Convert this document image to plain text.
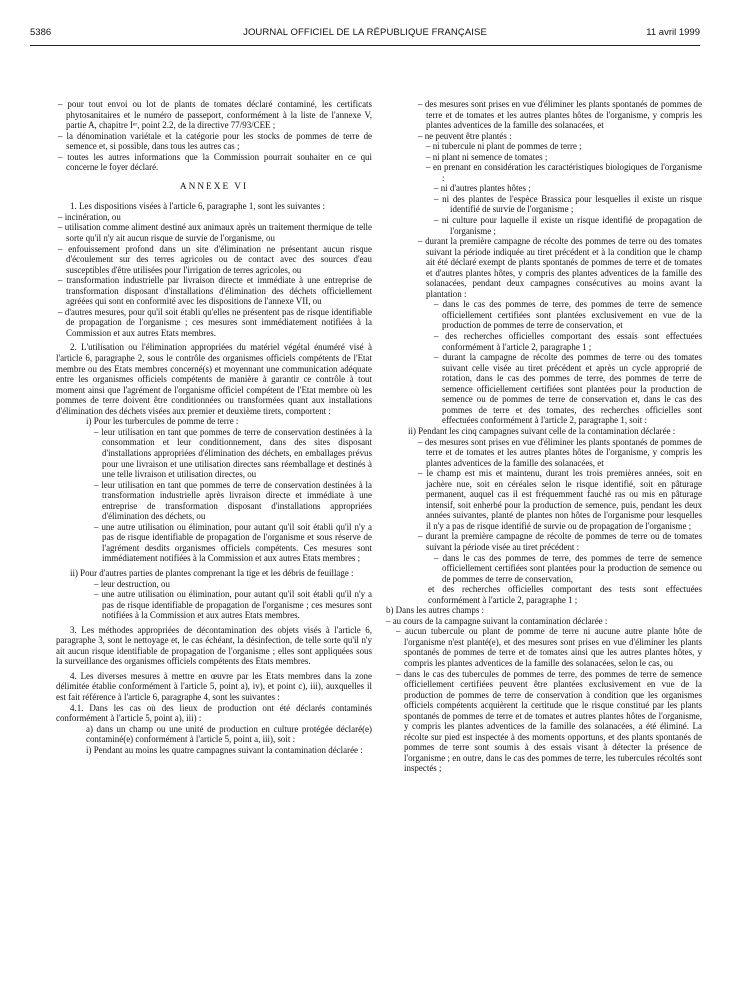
5386	JOURNAL OFFICIEL DE LA RÉPUBLIQUE FRANÇAISE	11 avril 1999

– pour tout envoi ou lot de plants de tomates déclaré contaminé, les certificats phytosanitaires et le numéro de passeport, conformément à la liste de l'annexe V, partie A, chapitre Iᵉʳ, point 2.2, de la directive 77/93/CEE ;

– la dénomination variétale et la catégorie pour les stocks de pommes de terre de semence et, si possible, dans tous les autres cas ;

– toutes les autres informations que la Commission pourrait souhaiter en ce qui concerne le foyer déclaré.

ANNEXE VI

1. Les dispositions visées à l'article 6, paragraphe 1, sont les suivantes :

– incinération, ou

– utilisation comme aliment destiné aux animaux après un traitement thermique de telle sorte qu'il n'y ait aucun risque de survie de l'organisme, ou

– enfouissement profond dans un site d'élimination ne présentant aucun risque d'écoulement sur des terres agricoles ou de contact avec des sources d'eau susceptibles d'être utilisées pour l'irrigation de terres agricoles, ou

– transformation industrielle par livraison directe et immédiate à une entreprise de transformation disposant d'installations d'élimination des déchets officiellement agréées qui sont en conformité avec les dispositions de l'annexe VII, ou

– d'autres mesures, pour qu'il soit établi qu'elles ne présentent pas de risque identifiable de propagation de l'organisme ; ces mesures sont immédiatement notifiées à la Commission et aux autres Etats membres.

2. L'utilisation ou l'élimination appropriées du matériel végétal énuméré visé à l'article 6, paragraphe 2, sous le contrôle des organismes officiels compétents de l'Etat membre ou des Etats membres concerné(s) et moyennant une communication adéquate entre les organismes officiels compétents de manière à garantir ce contrôle à tout moment ainsi que l'agrément de l'organisme officiel compétent de l'Etat membre où les pommes de terre doivent être conditionnées ou transformées quant aux installations d'élimination des déchets visées aux premier et deuxième tirets, comportent :

i) Pour les turbercules de pomme de terre :

– leur utilisation en tant que pommes de terre de conservation destinées à la consommation et leur conditionnement, dans des sites disposant d'installations appropriées d'élimination des déchets, en emballages prévus pour une livraison et une utilisation directes sans réemballage et destinés à une telle livraison et utilisation directes, ou

– leur utilisation en tant que pommes de terre de conservation destinées à la transformation industrielle après livraison directe et immédiate à une entreprise de transformation disposant d'installations appropriées d'élimination des déchets, ou

– une autre utilisation ou élimination, pour autant qu'il soit établi qu'il n'y a pas de risque identifiable de propagation de l'organisme et sous réserve de l'agrément desdits organismes officiels compétents. Ces mesures sont immédiatement notifiées à la Commission et aux autres Etats membres ;

ii) Pour d'autres parties de plantes comprenant la tige et les débris de feuillage :

– leur destruction, ou

– une autre utilisation ou élimination, pour autant qu'il soit établi qu'il n'y a pas de risque identifiable de propagation de l'organisme ; ces mesures sont notifiées à la Commission et aux autres Etats membres.

3. Les méthodes appropriées de décontamination des objets visés à l'article 6, paragraphe 3, sont le nettoyage et, le cas échéant, la désinfection, de telle sorte qu'il n'y ait aucun risque identifiable de propagation de l'organisme ; elles sont appliquées sous la surveillance des organismes officiels compétents des Etats membres.

4. Les diverses mesures à mettre en œuvre par les Etats membres dans la zone délimitée établie conformément à l'article 5, point a), iv), et point c), iii), auxquelles il est fait référence à l'article 6, paragraphe 4, sont les suivantes :

4.1. Dans les cas où des lieux de production ont été déclarés contaminés conformément à l'article 5, point a), iii) :

a) dans un champ ou une unité de production en culture protégée déclaré(e) contaminé(e) conformément à l'article 5, point a, iii), soit :

i) Pendant au moins les quatre campagnes suivant la contamination déclarée :

– des mesures sont prises en vue d'éliminer les plants spontanés de pommes de terre et de tomates et les autres plantes hôtes de l'organisme, y compris les plantes adventices de la famille des solanacées, et

– ne peuvent être plantés :

– ni tubercule ni plant de pommes de terre ;

– ni plant ni semence de tomates ;

– en prenant en considération les caractéristiques biologiques de l'organisme :

– ni d'autres plantes hôtes ;

– ni des plantes de l'espèce Brassica pour lesquelles il existe un risque identifié de survie de l'organisme ;

– ni culture pour laquelle il existe un risque identifié de propagation de l'organisme ;

– durant la première campagne de récolte des pommes de terre ou des tomates suivant la période indiquée au tiret précédent et à la condition que le champ ait été déclaré exempt de plants spontanés de pommes de terre et de tomates et d'autres plantes hôtes, y compris des plantes adventices de la famille des solanacées, pendant deux campagnes consécutives au moins avant la plantation :

– dans le cas des pommes de terre, des pommes de terre de semence officiellement certifiées sont plantées exclusivement en vue de la production de pommes de terre de conservation, et

– des recherches officielles comportant des essais sont effectuées conformément à l'article 2, paragraphe 1 ;

– durant la campagne de récolte des pommes de terre ou des tomates suivant celle visée au tiret précédent et après un cycle approprié de rotation, dans le cas des pommes de terre, des pommes de terre de semence officiellement certifiées sont plantées pour la production de semence ou de pommes de terre de conservation et, dans le cas des pommes de terre et des tomates, des recherches officielles sont effectuées conformément à l'article 2, paragraphe 1, soit :

ii) Pendant les cinq campagnes suivant celle de la contamination déclarée :

– des mesures sont prises en vue d'éliminer les plants spontanés de pommes de terre et de tomates et les autres plantes hôtes de l'organisme, y compris les plantes adventices de la famille des solanacées, et

– le champ est mis et maintenu, durant les trois premières années, soit en jachère nue, soit en céréales selon le risque identifié, soit en pâturage permanent, auquel cas il est fréquemment fauché ras ou mis en pâturage intensif, soit enherbé pour la production de semence, puis, pendant les deux années suivantes, planté de plantes non hôtes de l'organisme pour lesquelles il n'y a pas de risque identifié de survie ou de propagation de l'organisme ;

– durant la première campagne de récolte de pommes de terre ou de tomates suivant la période visée au tiret précédent :

– dans le cas des pommes de terre, des pommes de terre de semence officiellement certifiées sont plantées pour la production de semence ou de pommes de terre de conservation,

et des recherches officielles comportant des tests sont effectuées conformément à l'article 2, paragraphe 1 ;

b) Dans les autres champs :

– au cours de la campagne suivant la contamination déclarée :

– aucun tubercule ou plant de pomme de terre ni aucune autre plante hôte de l'organisme n'est planté(e), et des mesures sont prises en vue d'éliminer les plants spontanés de pommes de terre et de tomates ainsi que les autres plantes hôtes, y compris les plantes adventices de la famille des solanacées, selon le cas, ou

– dans le cas des tubercules de pommes de terre, des pommes de terre de semence officiellement certifiées peuvent être plantées exclusivement en vue de la production de pommes de terre de conservation à condition que les organismes officiels compétents acquièrent la certitude que le risque constitué par les plants spontanés de pommes de terre et de tomates et autres plantes hôtes de l'organisme, y compris les plantes adventices de la famille des solanacées, a été éliminé. La récolte sur pied est inspectée à des moments opportuns, et des plants spontanés de pommes de terre sont soumis à des essais visant à détecter la présence de l'organisme ; en outre, dans le cas des pommes de terre, les tubercules récoltés sont inspectés ;
